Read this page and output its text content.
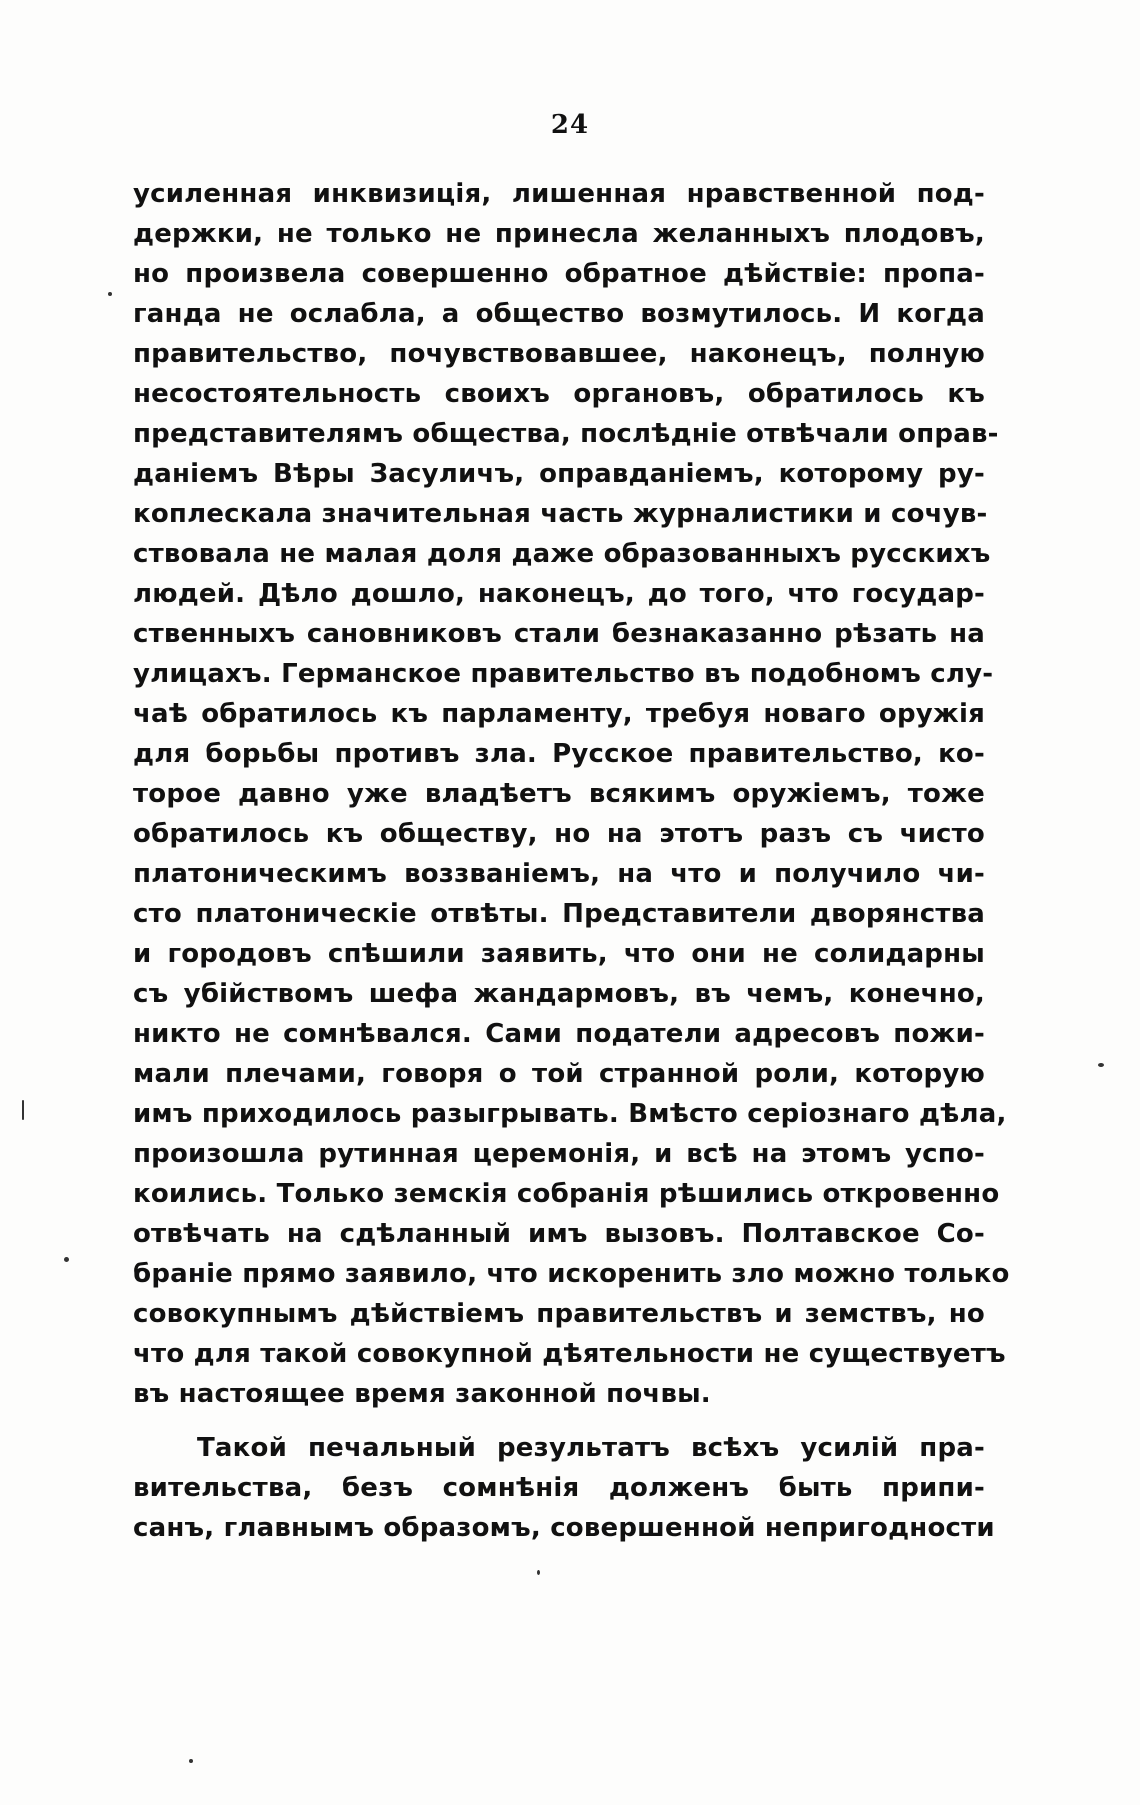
24
усиленная инквизиція, лишенная нравственной под-
держки, не только не принесла желанныхъ плодовъ,
но произвела совершенно обратное дѣйствіе: пропа-
ганда не ослабла, а общество возмутилось. И когда
правительство, почувствовавшее, наконецъ, полную
несостоятельность своихъ органовъ, обратилось къ
представителямъ общества, послѣдніе отвѣчали оправ-
даніемъ Вѣры Засуличъ, оправданіемъ, которому ру-
коплескала значительная часть журналистики и сочув-
ствовала не малая доля даже образованныхъ русскихъ
людей. Дѣло дошло, наконецъ, до того, что государ-
ственныхъ сановниковъ стали безнаказанно рѣзать на
улицахъ. Германское правительство въ подобномъ слу-
чаѣ обратилось къ парламенту, требуя новаго оружія
для борьбы противъ зла. Русское правительство, ко-
торое давно уже владѣетъ всякимъ оружіемъ, тоже
обратилось къ обществу, но на этотъ разъ съ чисто
платоническимъ воззваніемъ, на что и получило чи-
сто платоническіе отвѣты. Представители дворянства
и городовъ спѣшили заявить, что они не солидарны
съ убійствомъ шефа жандармовъ, въ чемъ, конечно,
никто не сомнѣвался. Сами податели адресовъ пожи-
мали плечами, говоря о той странной роли, которую
имъ приходилось разыгрывать. Вмѣсто серіознаго дѣла,
произошла рутинная церемонія, и всѣ на этомъ успо-
коились. Только земскія собранія рѣшились откровенно
отвѣчать на сдѣланный имъ вызовъ. Полтавское Со-
браніе прямо заявило, что искоренить зло можно только
совокупнымъ дѣйствіемъ правительствъ и земствъ, но
что для такой совокупной дѣятельности не существуетъ
въ настоящее время законной почвы.
Такой печальный результатъ всѣхъ усилій пра-
вительства, безъ сомнѣнія долженъ быть припи-
санъ, главнымъ образомъ, совершенной непригодности
